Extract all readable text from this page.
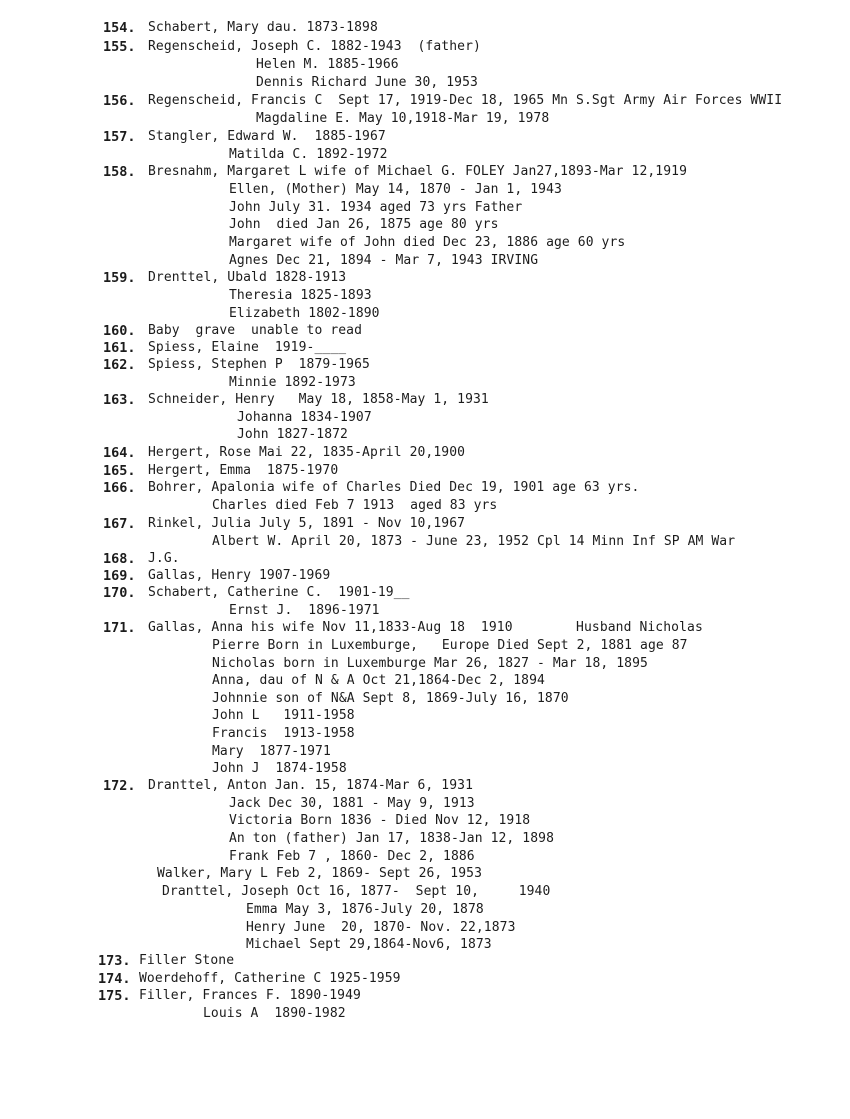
154. Schabert, Mary dau. 1873-1898
155. Regenscheid, Joseph C. 1882-1943  (father)
Helen M. 1885-1966
Dennis Richard June 30, 1953
156. Regenscheid, Francis C  Sept 17, 1919-Dec 18, 1965 Mn S.Sgt Army Air Forces WWII
Magdaline E. May 10,1918-Mar 19, 1978
157. Stangler, Edward W.  1885-1967
Matilda C. 1892-1972
158. Bresnahm, Margaret L wife of Michael G. FOLEY Jan27,1893-Mar 12,1919
Ellen, (Mother) May 14, 1870 - Jan 1, 1943
John July 31. 1934 aged 73 yrs Father
John  died Jan 26, 1875 age 80 yrs
Margaret wife of John died Dec 23, 1886 age 60 yrs
Agnes Dec 21, 1894 - Mar 7, 1943 IRVING
159. Drenttel, Ubald 1828-1913
Theresia 1825-1893
Elizabeth 1802-1890
160. Baby  grave  unable to read
161. Spiess, Elaine  1919-____
162. Spiess, Stephen P  1879-1965
Minnie 1892-1973
163. Schneider, Henry   May 18, 1858-May 1, 1931
Johanna 1834-1907
John 1827-1872
164. Hergert, Rose Mai 22, 1835-April 20,1900
165. Hergert, Emma  1875-1970
166. Bohrer, Apalonia wife of Charles Died Dec 19, 1901 age 63 yrs.
Charles died Feb 7 1913  aged 83 yrs
167. Rinkel, Julia July 5, 1891 - Nov 10,1967
Albert W. April 20, 1873 - June 23, 1952 Cpl 14 Minn Inf SP AM War
168. J.G.
169. Gallas, Henry 1907-1969
170. Schabert, Catherine C.  1901-19__
Ernst J.  1896-1971
171. Gallas, Anna his wife Nov 11,1833-Aug 18  1910        Husband Nicholas
Pierre Born in Luxemburge,   Europe Died Sept 2, 1881 age 87
Nicholas born in Luxemburge Mar 26, 1827 - Mar 18, 1895
Anna, dau of N & A Oct 21,1864-Dec 2, 1894
Johnnie son of N&A Sept 8, 1869-July 16, 1870
John L   1911-1958
Francis  1913-1958
Mary  1877-1971
John J  1874-1958
172. Dranttel, Anton Jan. 15, 1874-Mar 6, 1931
Jack Dec 30, 1881 - May 9, 1913
Victoria Born 1836 - Died Nov 12, 1918
An ton (father) Jan 17, 1838-Jan 12, 1898
Frank Feb 7 , 1860- Dec 2, 1886
Walker, Mary L Feb 2, 1869- Sept 26, 1953
Dranttel, Joseph Oct 16, 1877-  Sept 10,     1940
Emma May 3, 1876-July 20, 1878
Henry June  20, 1870- Nov. 22,1873
Michael Sept 29,1864-Nov6, 1873
173. Filler Stone
174. Woerdehoff, Catherine C 1925-1959
175. Filler, Frances F. 1890-1949
Louis A  1890-1982
